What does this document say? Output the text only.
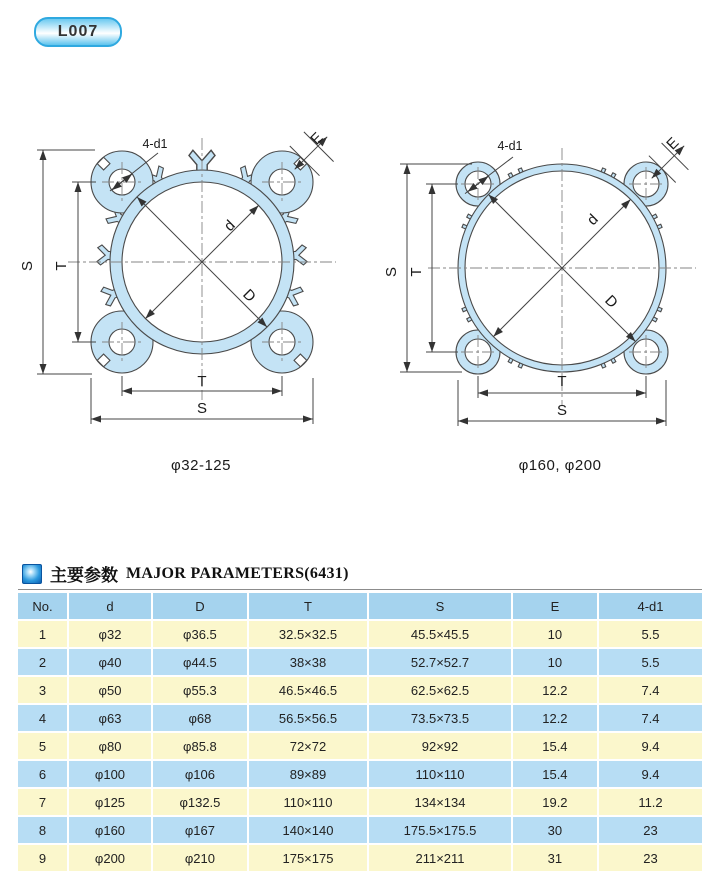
L007
d
D
S T
T
S
E
4-d1
φ32-125
d
D
S T
T
S
E
4-d1
φ160, φ200
主要参数 MAJOR PARAMETERS(6431)
No.	d	D	T	S	E	4-d1
1	φ32	φ36.5	32.5×32.5	45.5×45.5	10	5.5
2	φ40	φ44.5	38×38	52.7×52.7	10	5.5
3	φ50	φ55.3	46.5×46.5	62.5×62.5	12.2	7.4
4	φ63	φ68	56.5×56.5	73.5×73.5	12.2	7.4
5	φ80	φ85.8	72×72	92×92	15.4	9.4
6	φ100	φ106	89×89	110×110	15.4	9.4
7	φ125	φ132.5	110×110	134×134	19.2	11.2
8	φ160	φ167	140×140	175.5×175.5	30	23
9	φ200	φ210	175×175	211×211	31	23
